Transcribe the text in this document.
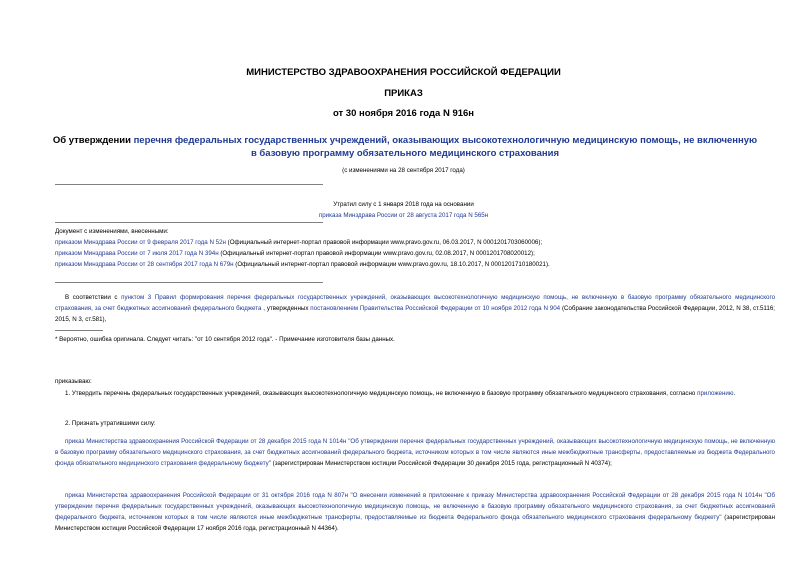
МИНИСТЕРСТВО ЗДРАВООХРАНЕНИЯ РОССИЙСКОЙ ФЕДЕРАЦИИ
ПРИКАЗ
от 30 ноября 2016 года N 916н
Об утверждении перечня федеральных государственных учреждений, оказывающих высокотехнологичную медицинскую помощь, не включенную в базовую программу обязательного медицинского страхования
(с изменениями на 28 сентября 2017 года)
Утратил силу с 1 января 2018 года на основании
приказа Минздрава России от 28 августа 2017 года N 565н
Документ с изменениями, внесенными:
приказом Минздрава России от 9 февраля 2017 года N 52н (Официальный интернет-портал правовой информации www.pravo.gov.ru, 06.03.2017, N 0001201703060006);
приказом Минздрава России от 7 июля 2017 года N 394н (Официальный интернет-портал правовой информации www.pravo.gov.ru, 02.08.2017, N 0001201708020012);
приказом Минздрава России от 28 сентября 2017 года N 679н (Официальный интернет-портал правовой информации www.pravo.gov.ru, 18.10.2017, N 0001201710180021).
В соответствии с пунктом 3 Правил формирования перечня федеральных государственных учреждений, оказывающих высокотехнологичную медицинскую помощь, не включенную в базовую программу обязательного медицинского страхования, за счет бюджетных ассигнований федерального бюджета , утвержденных постановлением Правительства Российской Федерации от 10 ноября 2012 года N 904 (Собрание законодательства Российской Федерации, 2012, N 38, ст.5116; 2015, N 3, ст.581),
* Вероятно, ошибка оригинала. Следует читать: "от 10 сентября 2012 года". - Примечание изготовителя базы данных.
приказываю:
1. Утвердить перечень федеральных государственных учреждений, оказывающих высокотехнологичную медицинскую помощь, не включенную в базовую программу обязательного медицинского страхования, согласно приложению.
2. Признать утратившими силу:
приказ Министерства здравоохранения Российской Федерации от 28 декабря 2015 года N 1014н "Об утверждении перечня федеральных государственных учреждений, оказывающих высокотехнологичную медицинскую помощь, не включенную в базовую программу обязательного медицинского страхования, за счет бюджетных ассигнований федерального бюджета, источником которых в том числе являются иные межбюджетные трансферты, предоставляемые из бюджета Федерального фонда обязательного медицинского страхования федеральному бюджету" (зарегистрирован Министерством юстиции Российской Федерации 30 декабря 2015 года, регистрационный N 40374);
приказ Министерства здравоохранения Российской Федерации от 31 октября 2016 года N 807н "О внесении изменений в приложение к приказу Министерства здравоохранения Российской Федерации от 28 декабря 2015 года N 1014н "Об утверждении перечня федеральных государственных учреждений, оказывающих высокотехнологичную медицинскую помощь, не включенную в базовую программу обязательного медицинского страхования, за счет бюджетных ассигнований федерального бюджета, источником которых в том числе являются иные межбюджетные трансферты, предоставляемые из бюджета Федерального фонда обязательного медицинского страхования федеральному бюджету" (зарегистрирован Министерством юстиции Российской Федерации 17 ноября 2016 года, регистрационный N 44364).
